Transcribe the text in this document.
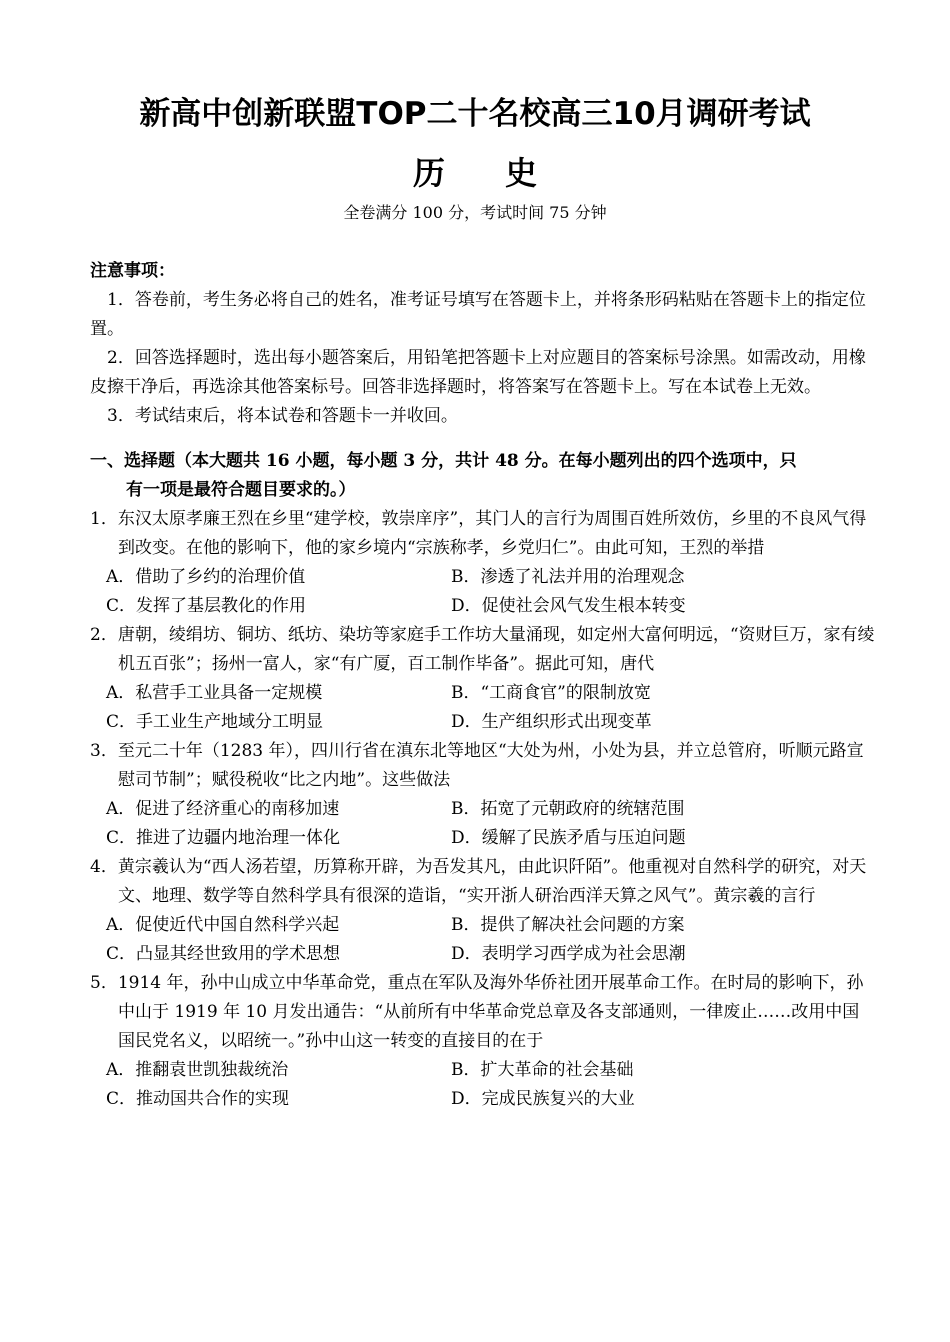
新高中创新联盟TOP二十名校高三10月调研考试
历史
全卷满分 100 分，考试时间 75 分钟
注意事项：
1．答卷前，考生务必将自己的姓名，准考证号填写在答题卡上，并将条形码粘贴在答题卡上的指定位置。
2．回答选择题时，选出每小题答案后，用铅笔把答题卡上对应题目的答案标号涂黑。如需改动，用橡皮擦干净后，再选涂其他答案标号。回答非选择题时，将答案写在答题卡上。写在本试卷上无效。
3．考试结束后，将本试卷和答题卡一并收回。
一、选择题（本大题共 16 小题，每小题 3 分，共计 48 分。在每小题列出的四个选项中，只
有一项是最符合题目要求的。）
1．东汉太原孝廉王烈在乡里“建学校，敦崇庠序”，其门人的言行为周围百姓所效仿，乡里的不良风气得到改变。在他的影响下，他的家乡境内“宗族称孝，乡党归仁”。由此可知，王烈的举措
A．借助了乡约的治理价值	B．渗透了礼法并用的治理观念
C．发挥了基层教化的作用	D．促使社会风气发生根本转变
2．唐朝，绫绢坊、铜坊、纸坊、染坊等家庭手工作坊大量涌现，如定州大富何明远，“资财巨万，家有绫机五百张”；扬州一富人，家“有广厦，百工制作毕备”。据此可知，唐代
A．私营手工业具备一定规模	B．“工商食官”的限制放宽
C．手工业生产地域分工明显	D．生产组织形式出现变革
3．至元二十年（1283 年），四川行省在滇东北等地区“大处为州，小处为县，并立总管府，听顺元路宣慰司节制”；赋役税收“比之内地”。这些做法
A．促进了经济重心的南移加速	B．拓宽了元朝政府的统辖范围
C．推进了边疆内地治理一体化	D．缓解了民族矛盾与压迫问题
4．黄宗羲认为“西人汤若望，历算称开辟，为吾发其凡，由此识阡陌”。他重视对自然科学的研究，对天文、地理、数学等自然科学具有很深的造诣，“实开浙人研治西洋天算之风气”。黄宗羲的言行
A．促使近代中国自然科学兴起	B．提供了解决社会问题的方案
C．凸显其经世致用的学术思想	D．表明学习西学成为社会思潮
5．1914 年，孙中山成立中华革命党，重点在军队及海外华侨社团开展革命工作。在时局的影响下，孙中山于 1919 年 10 月发出通告：“从前所有中华革命党总章及各支部通则，一律废止……改用中国国民党名义，以昭统一。”孙中山这一转变的直接目的在于
A．推翻袁世凯独裁统治	B．扩大革命的社会基础
C．推动国共合作的实现	D．完成民族复兴的大业
